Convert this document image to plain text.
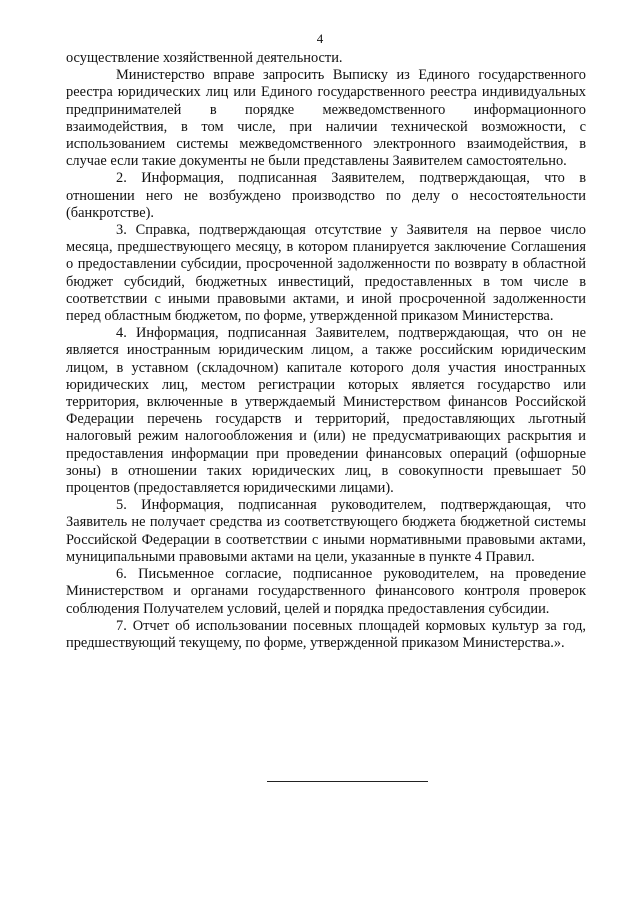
4

осуществление хозяйственной деятельности.

Министерство вправе запросить Выписку из Единого государственного реестра юридических лиц или Единого государственного реестра индивидуальных предпринимателей в порядке межведомственного информационного взаимодействия, в том числе, при наличии технической возможности, с использованием системы межведомственного электронного взаимодействия, в случае если такие документы не были представлены Заявителем самостоятельно.

2. Информация, подписанная Заявителем, подтверждающая, что в отношении него не возбуждено производство по делу о несостоятельности (банкротстве).

3. Справка, подтверждающая отсутствие у Заявителя на первое число месяца, предшествующего месяцу, в котором планируется заключение Соглашения о предоставлении субсидии, просроченной задолженности по возврату в областной бюджет субсидий, бюджетных инвестиций, предоставленных в том числе в соответствии с иными правовыми актами, и иной просроченной задолженности перед областным бюджетом, по форме, утвержденной приказом Министерства.

4. Информация, подписанная Заявителем, подтверждающая, что он не является иностранным юридическим лицом, а также российским юридическим лицом, в уставном (складочном) капитале которого доля участия иностранных юридических лиц, местом регистрации которых является государство или территория, включенные в утверждаемый Министерством финансов Российской Федерации перечень государств и территорий, предоставляющих льготный налоговый режим налогообложения и (или) не предусматривающих раскрытия и предоставления информации при проведении финансовых операций (офшорные зоны) в отношении таких юридических лиц, в совокупности превышает 50 процентов (предоставляется юридическими лицами).

5. Информация, подписанная руководителем, подтверждающая, что Заявитель не получает средства из соответствующего бюджета бюджетной системы Российской Федерации в соответствии с иными нормативными правовыми актами, муниципальными правовыми актами на цели, указанные в пункте 4 Правил.

6. Письменное согласие, подписанное руководителем, на проведение Министерством и органами государственного финансового контроля проверок соблюдения Получателем условий, целей и порядка предоставления субсидии.

7. Отчет об использовании посевных площадей кормовых культур за год, предшествующий текущему, по форме, утвержденной приказом Министерства.».
